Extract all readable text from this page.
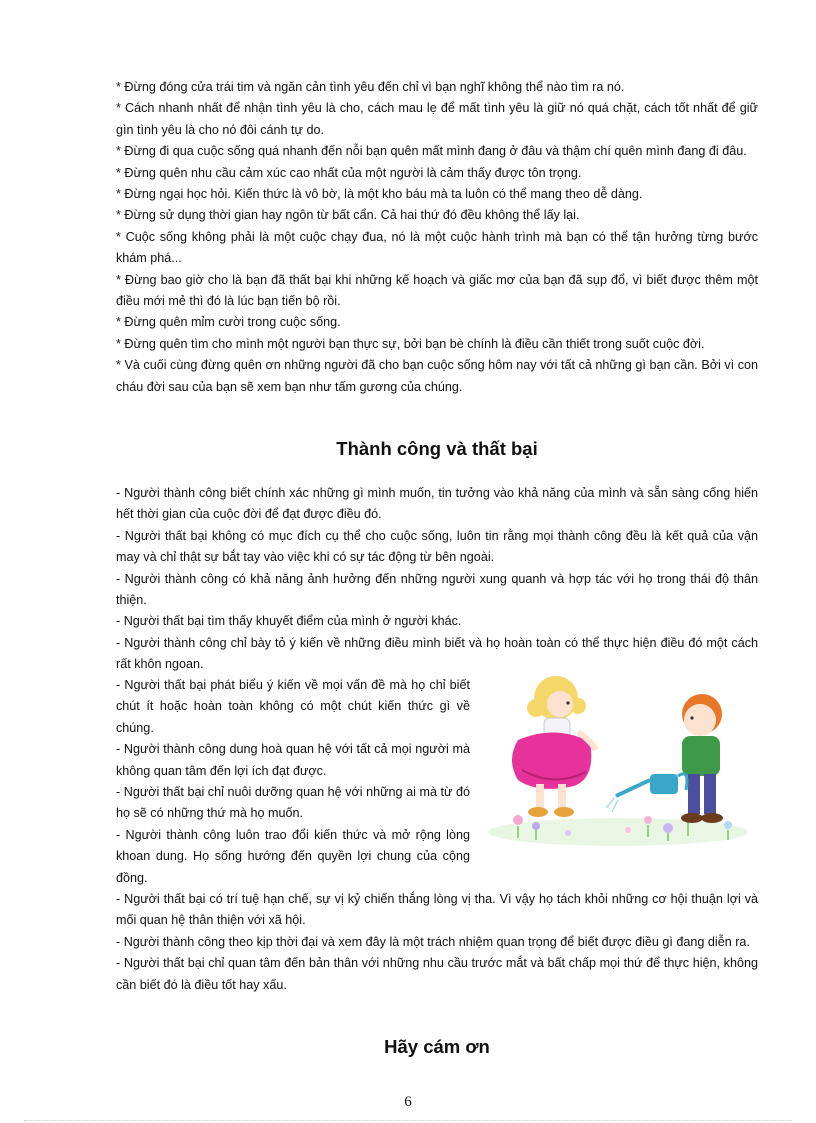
* Đừng đóng cửa trái tim và ngăn cản tình yêu đến chỉ vì bạn nghĩ không thể nào tìm ra nó.

* Cách nhanh nhất để nhận tình yêu là cho, cách mau lẹ để mất tình yêu là giữ nó quá chặt, cách tốt nhất để giữ gìn tình yêu là cho nó đôi cánh tự do.

* Đừng đi qua cuộc sống quá nhanh đến nỗi bạn quên mất mình đang ở đâu và thậm chí quên mình đang đi đâu.

* Đừng quên nhu cầu cảm xúc cao nhất của một người là cảm thấy được tôn trọng.

* Đừng ngại học hỏi. Kiến thức là vô bờ, là một kho báu mà ta luôn có thể mang theo dễ dàng.

* Đừng sử dụng thời gian hay ngôn từ bất cẩn. Cả hai thứ đó đều không thể lấy lại.

* Cuộc sống không phải là một cuộc chạy đua, nó là một cuộc hành trình mà bạn có thể tận hưởng từng bước khám phá...

* Đừng bao giờ cho là bạn đã thất bại khi những kế hoạch và giấc mơ của bạn đã sụp đổ, vì biết được thêm một điều mới mẻ thì đó là lúc bạn tiến bộ rồi.

* Đừng quên mỉm cười trong cuộc sống.

* Đừng quên tìm cho mình một người bạn thực sự, bởi bạn bè chính là điều cần thiết trong suốt cuộc đời.

* Và cuối cùng đừng quên ơn những người đã cho bạn cuộc sống hôm nay với tất cả những gì bạn cần. Bởi vì con cháu đời sau của bạn sẽ xem bạn như tấm gương của chúng.

Thành công và thất bại

- Người thành công biết chính xác những gì mình muốn, tin tưởng vào khả năng của mình và sẵn sàng cống hiến hết thời gian của cuộc đời để đạt được điều đó.

- Người thất bại không có mục đích cụ thể cho cuộc sống, luôn tin rằng mọi thành công đều là kết quả của vận may và chỉ thật sự bắt tay vào việc khi có sự tác động từ bên ngoài.

- Người thành công có khả năng ảnh hưởng đến những người xung quanh và hợp tác với họ trong thái độ thân thiện.

- Người thất bại tìm thấy khuyết điểm của mình ở người khác.

- Người thành công chỉ bày tỏ ý kiến về những điều mình biết và họ hoàn toàn có thể thực hiện điều đó một cách rất khôn ngoan.

- Người thất bại phát biểu ý kiến về mọi vấn đề mà họ chỉ biết chút ít hoặc hoàn toàn không có một chút kiến thức gì về chúng.

- Người thành công dung hoà quan hệ với tất cả mọi người mà không quan tâm đến lợi ích đạt được.

- Người thất bại chỉ nuôi dưỡng quan hệ với những ai mà từ đó họ sẽ có những thứ mà họ muốn.

- Người thành công luôn trao đổi kiến thức và mở rộng lòng khoan dung. Họ sống hướng đến quyền lợi chung của cộng đồng.

- Người thất bại có trí tuệ hạn chế, sự vị kỷ chiến thắng lòng vị tha. Vì vậy họ tách khỏi những cơ hội thuận lợi và mối quan hệ thân thiện với xã hội.

- Người thành công theo kịp thời đại và xem đây là một trách nhiệm quan trọng để biết được điều gì đang diễn ra.

- Người thất bại chỉ quan tâm đến bản thân với những nhu cầu trước mắt và bất chấp mọi thứ để thực hiện, không cần biết đó là điều tốt hay xấu.

Hãy cám ơn
6
